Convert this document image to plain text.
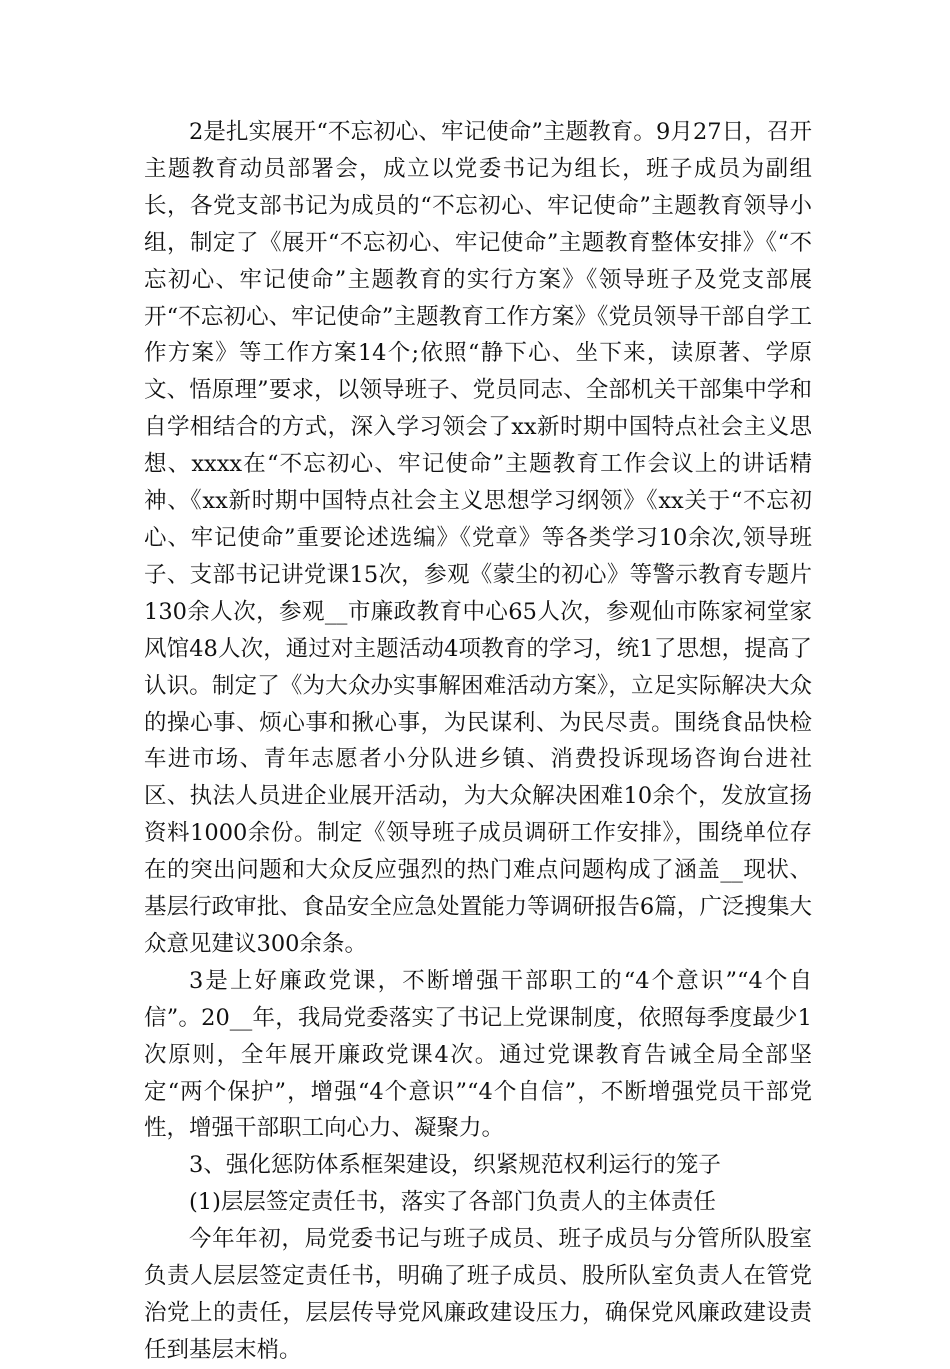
2是扎实展开“不忘初心、牢记使命”主题教育。9月27日，召开主题教育动员部署会，成立以党委书记为组长，班子成员为副组长，各党支部书记为成员的“不忘初心、牢记使命”主题教育领导小组，制定了《展开“不忘初心、牢记使命”主题教育整体安排》《“不忘初心、牢记使命”主题教育的实行方案》《领导班子及党支部展开“不忘初心、牢记使命”主题教育工作方案》《党员领导干部自学工作方案》等工作方案14个;依照“静下心、坐下来，读原著、学原文、悟原理”要求，以领导班子、党员同志、全部机关干部集中学和自学相结合的方式，深入学习领会了xx新时期中国特点社会主义思想、xxxx在“不忘初心、牢记使命”主题教育工作会议上的讲话精神、《xx新时期中国特点社会主义思想学习纲领》《xx关于“不忘初心、牢记使命”重要论述选编》《党章》等各类学习10余次,领导班子、支部书记讲党课15次，参观《蒙尘的初心》等警示教育专题片130余人次，参观__市廉政教育中心65人次，参观仙市陈家祠堂家风馆48人次，通过对主题活动4项教育的学习，统1了思想，提高了认识。制定了《为大众办实事解困难活动方案》，立足实际解决大众的操心事、烦心事和揪心事，为民谋利、为民尽责。围绕食品快检车进市场、青年志愿者小分队进乡镇、消费投诉现场咨询台进社区、执法人员进企业展开活动，为大众解决困难10余个，发放宣扬资料1000余份。制定《领导班子成员调研工作安排》，围绕单位存在的突出问题和大众反应强烈的热门难点问题构成了涵盖__现状、基层行政审批、食品安全应急处置能力等调研报告6篇，广泛搜集大众意见建议300余条。

3是上好廉政党课，不断增强干部职工的“4个意识”“4个自信”。20__年，我局党委落实了书记上党课制度，依照每季度最少1次原则，全年展开廉政党课4次。通过党课教育告诫全局全部坚定“两个保护”，增强“4个意识”“4个自信”，不断增强党员干部党性，增强干部职工向心力、凝聚力。

3、强化惩防体系框架建设，织紧规范权利运行的笼子

(1)层层签定责任书，落实了各部门负责人的主体责任

今年年初，局党委书记与班子成员、班子成员与分管所队股室负责人层层签定责任书，明确了班子成员、股所队室负责人在管党治党上的责任，层层传导党风廉政建设压力，确保党风廉政建设责任到基层末梢。
